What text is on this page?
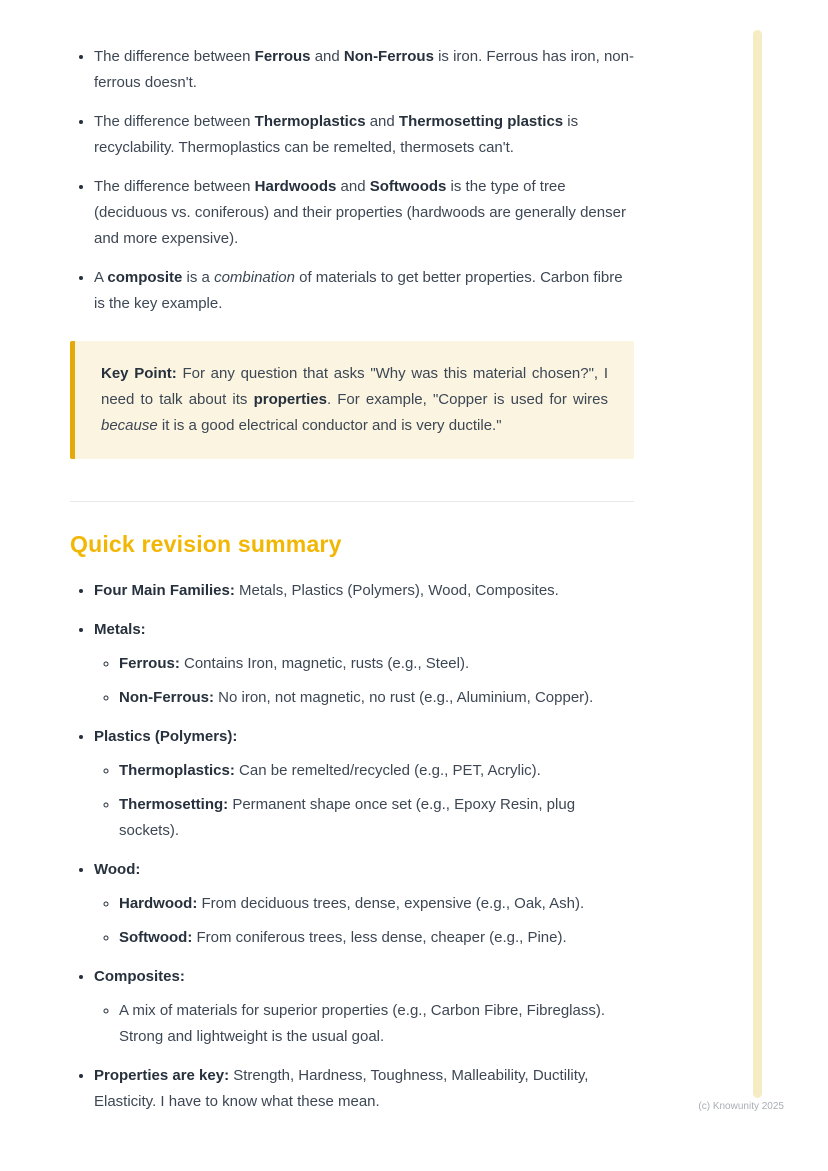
• The difference between Ferrous and Non-Ferrous is iron. Ferrous has iron, non-ferrous doesn't.
• The difference between Thermoplastics and Thermosetting plastics is recyclability. Thermoplastics can be remelted, thermosets can't.
• The difference between Hardwoods and Softwoods is the type of tree (deciduous vs. coniferous) and their properties (hardwoods are generally denser and more expensive).
• A composite is a combination of materials to get better properties. Carbon fibre is the key example.

Key Point: For any question that asks "Why was this material chosen?", I need to talk about its properties. For example, "Copper is used for wires because it is a good electrical conductor and is very ductile."

Quick revision summary
• Four Main Families: Metals, Plastics (Polymers), Wood, Composites.
• Metals:
◦ Ferrous: Contains Iron, magnetic, rusts (e.g., Steel).
◦ Non-Ferrous: No iron, not magnetic, no rust (e.g., Aluminium, Copper).
• Plastics (Polymers):
◦ Thermoplastics: Can be remelted/recycled (e.g., PET, Acrylic).
◦ Thermosetting: Permanent shape once set (e.g., Epoxy Resin, plug sockets).
• Wood:
◦ Hardwood: From deciduous trees, dense, expensive (e.g., Oak, Ash).
◦ Softwood: From coniferous trees, less dense, cheaper (e.g., Pine).
• Composites:
◦ A mix of materials for superior properties (e.g., Carbon Fibre, Fibreglass). Strong and lightweight is the usual goal.
• Properties are key: Strength, Hardness, Toughness, Malleability, Ductility, Elasticity. I have to know what these mean.	(c) Knowunity 2025
